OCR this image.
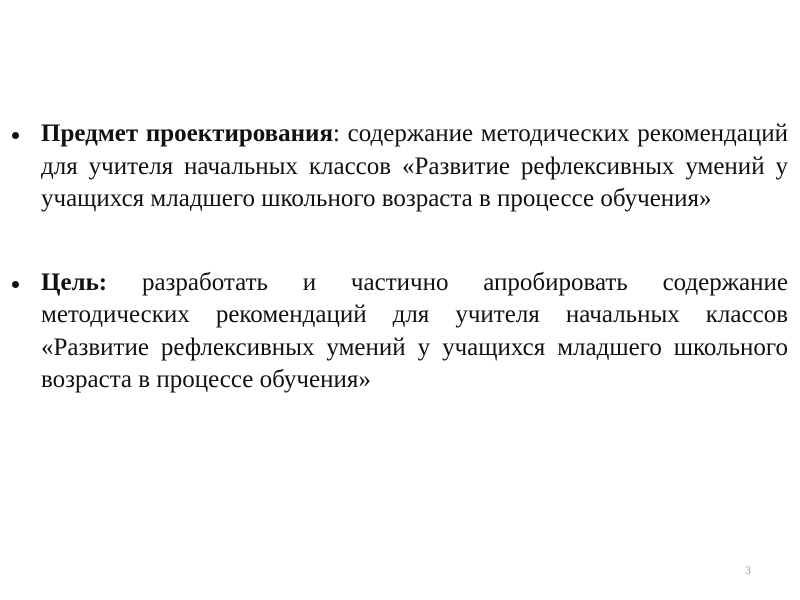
Предмет проектирования: содержание методических рекомендаций для учителя начальных классов «Развитие рефлексивных умений у учащихся младшего школьного возраста в процессе обучения»
Цель: разработать и частично апробировать содержание методических рекомендаций для учителя начальных классов «Развитие рефлексивных умений у учащихся младшего школьного возраста в процессе обучения»
3
